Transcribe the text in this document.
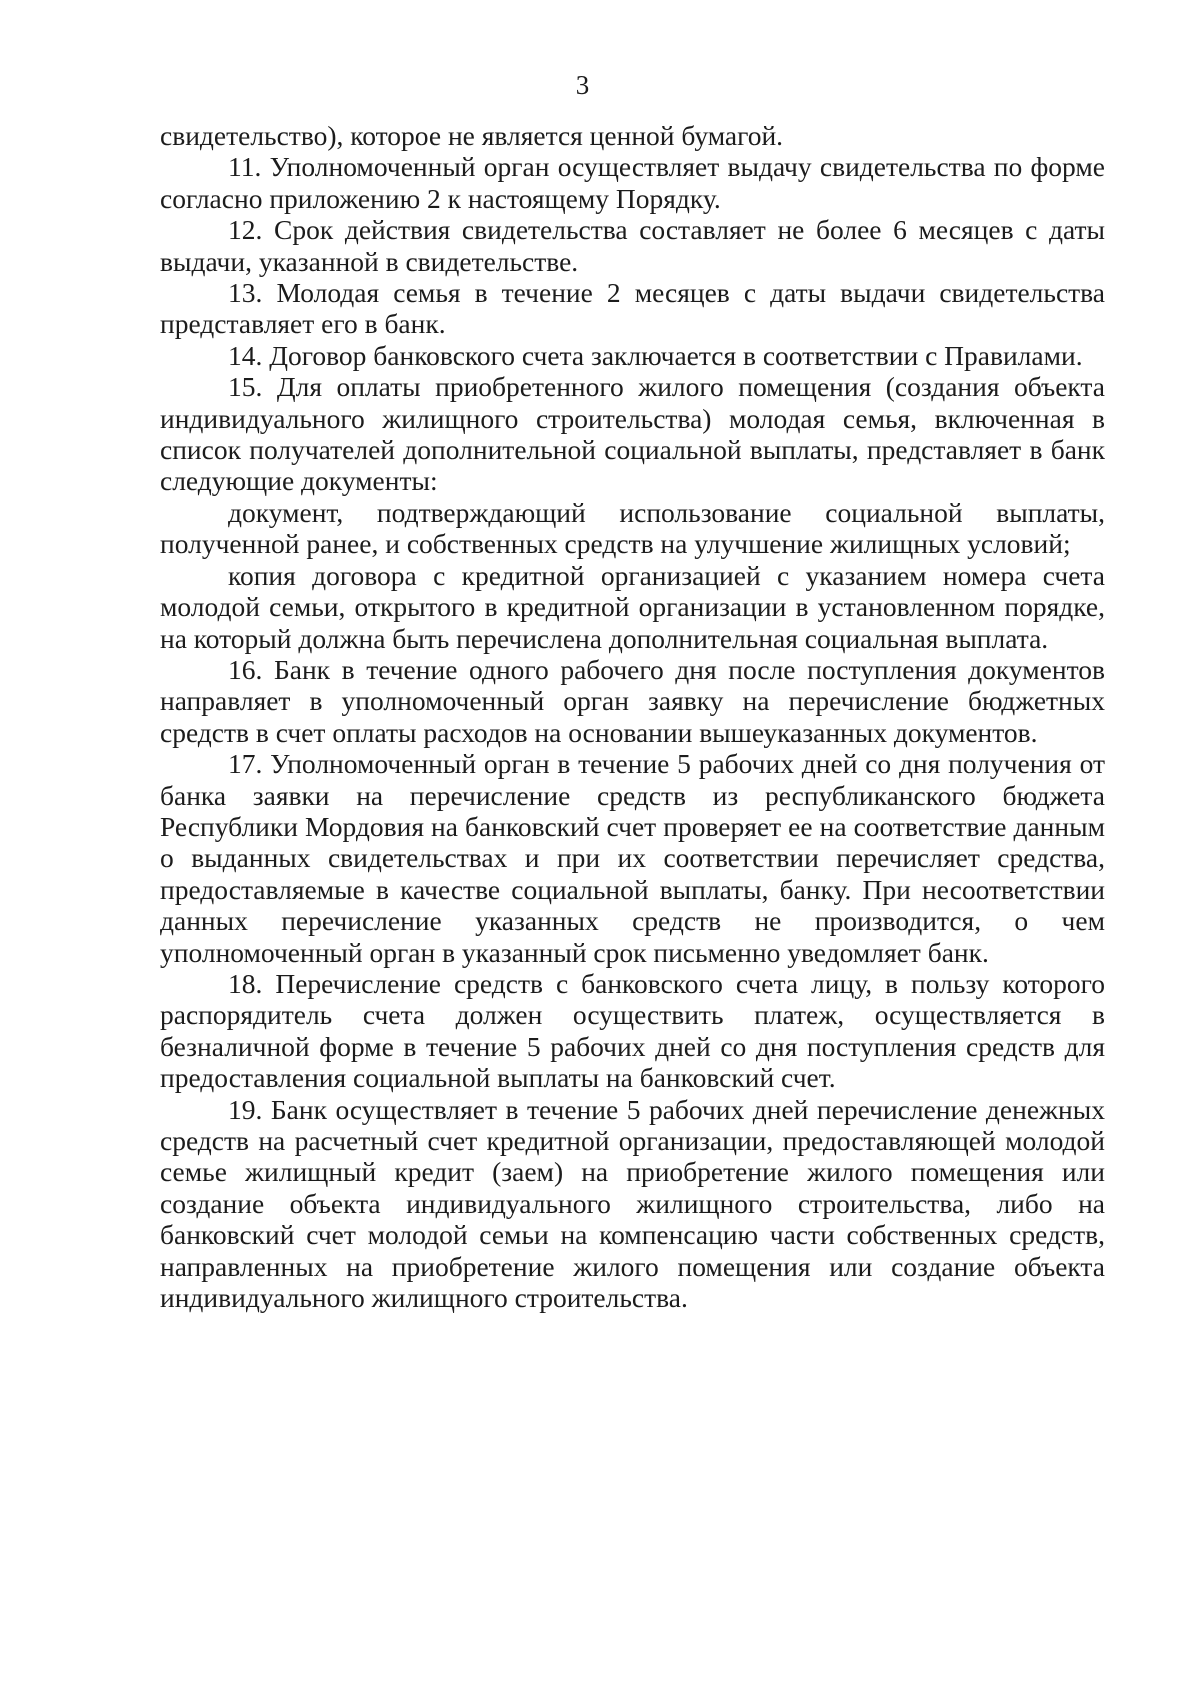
3

свидетельство), которое не является ценной бумагой.

11. Уполномоченный орган осуществляет выдачу свидетельства по форме согласно приложению 2 к настоящему Порядку.

12. Срок действия свидетельства составляет не более 6 месяцев с даты выдачи, указанной в свидетельстве.

13. Молодая семья в течение 2 месяцев с даты выдачи свидетельства представляет его в банк.

14. Договор банковского счета заключается в соответствии с Правилами.

15. Для оплаты приобретенного жилого помещения (создания объекта индивидуального жилищного строительства) молодая семья, включенная в список получателей дополнительной социальной выплаты, представляет в банк следующие документы:

документ, подтверждающий использование социальной выплаты, полученной ранее, и собственных средств на улучшение жилищных условий;

копия договора с кредитной организацией с указанием номера счета молодой семьи, открытого в кредитной организации в установленном порядке, на который должна быть перечислена дополнительная социальная выплата.

16. Банк в течение одного рабочего дня после поступления документов направляет в уполномоченный орган заявку на перечисление бюджетных средств в счет оплаты расходов на основании вышеуказанных документов.

17. Уполномоченный орган в течение 5 рабочих дней со дня получения от банка заявки на перечисление средств из республиканского бюджета Республики Мордовия на банковский счет проверяет ее на соответствие данным о выданных свидетельствах и при их соответствии перечисляет средства, предоставляемые в качестве социальной выплаты, банку. При несоответствии данных перечисление указанных средств не производится, о чем уполномоченный орган в указанный срок письменно уведомляет банк.

18. Перечисление средств с банковского счета лицу, в пользу которого распорядитель счета должен осуществить платеж, осуществляется в безналичной форме в течение 5 рабочих дней со дня поступления средств для предоставления социальной выплаты на банковский счет.

19. Банк осуществляет в течение 5 рабочих дней перечисление денежных средств на расчетный счет кредитной организации, предоставляющей молодой семье жилищный кредит (заем) на приобретение жилого помещения или создание объекта индивидуального жилищного строительства, либо на банковский счет молодой семьи на компенсацию части собственных средств, направленных на приобретение жилого помещения или создание объекта индивидуального жилищного строительства.
